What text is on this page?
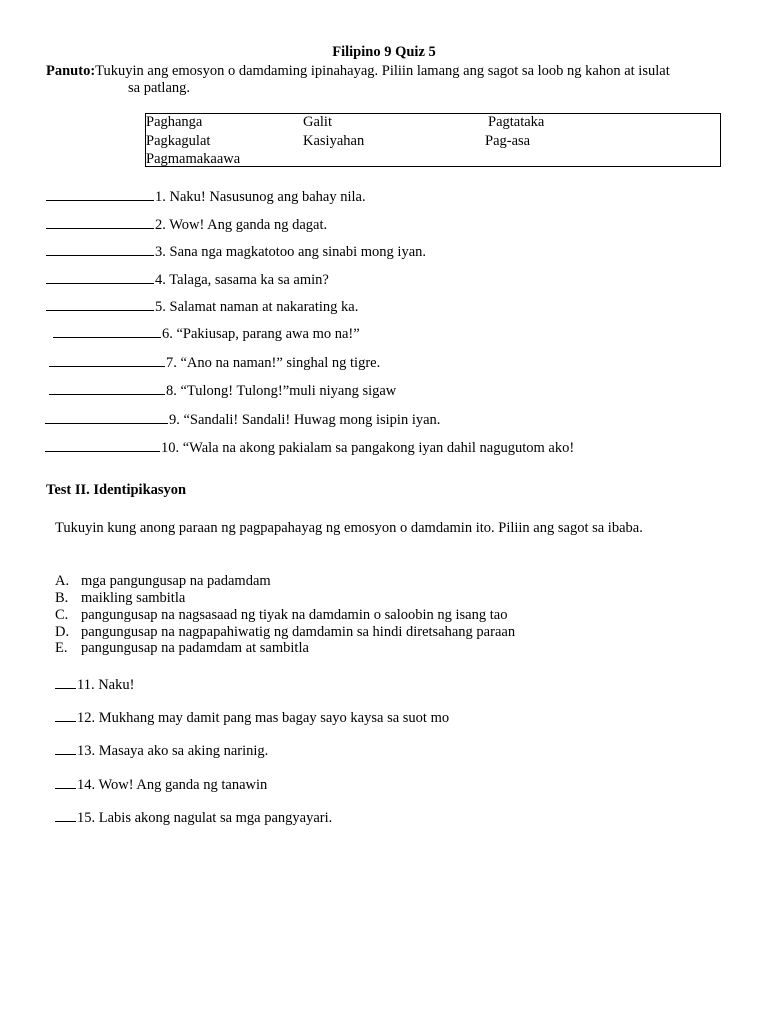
Filipino 9 Quiz 5
Panuto:Tukuyin ang emosyon o damdaming ipinahayag. Piliin lamang ang sagot sa loob ng kahon at isulat
sa patlang.
Paghanga	Galit	Pagtataka
Pagkagulat	Kasiyahan	Pag-asa
Pagmamakaawa
1. Naku! Nasusunog ang bahay nila.
2. Wow! Ang ganda ng dagat.
3. Sana nga magkatotoo ang sinabi mong iyan.
4. Talaga, sasama ka sa amin?
5. Salamat naman at nakarating ka.
6. “Pakiusap, parang awa mo na!”
7. “Ano na naman!” singhal ng tigre.
8. “Tulong! Tulong!”muli niyang sigaw
9. “Sandali! Sandali! Huwag mong isipin iyan.
10. “Wala na akong pakialam sa pangakong iyan dahil nagugutom ako!
Test II. Identipikasyon
Tukuyin kung anong paraan ng pagpapahayag ng emosyon o damdamin ito. Piliin ang sagot sa ibaba.
A. mga pangungusap na padamdam
B. maikling sambitla
C. pangungusap na nagsasaad ng tiyak na damdamin o saloobin ng isang tao
D. pangungusap na nagpapahiwatig ng damdamin sa hindi diretsahang paraan
E. pangungusap na padamdam at sambitla
11. Naku!
12. Mukhang may damit pang mas bagay sayo kaysa sa suot mo
13. Masaya ako sa aking narinig.
14. Wow! Ang ganda ng tanawin
15. Labis akong nagulat sa mga pangyayari.
